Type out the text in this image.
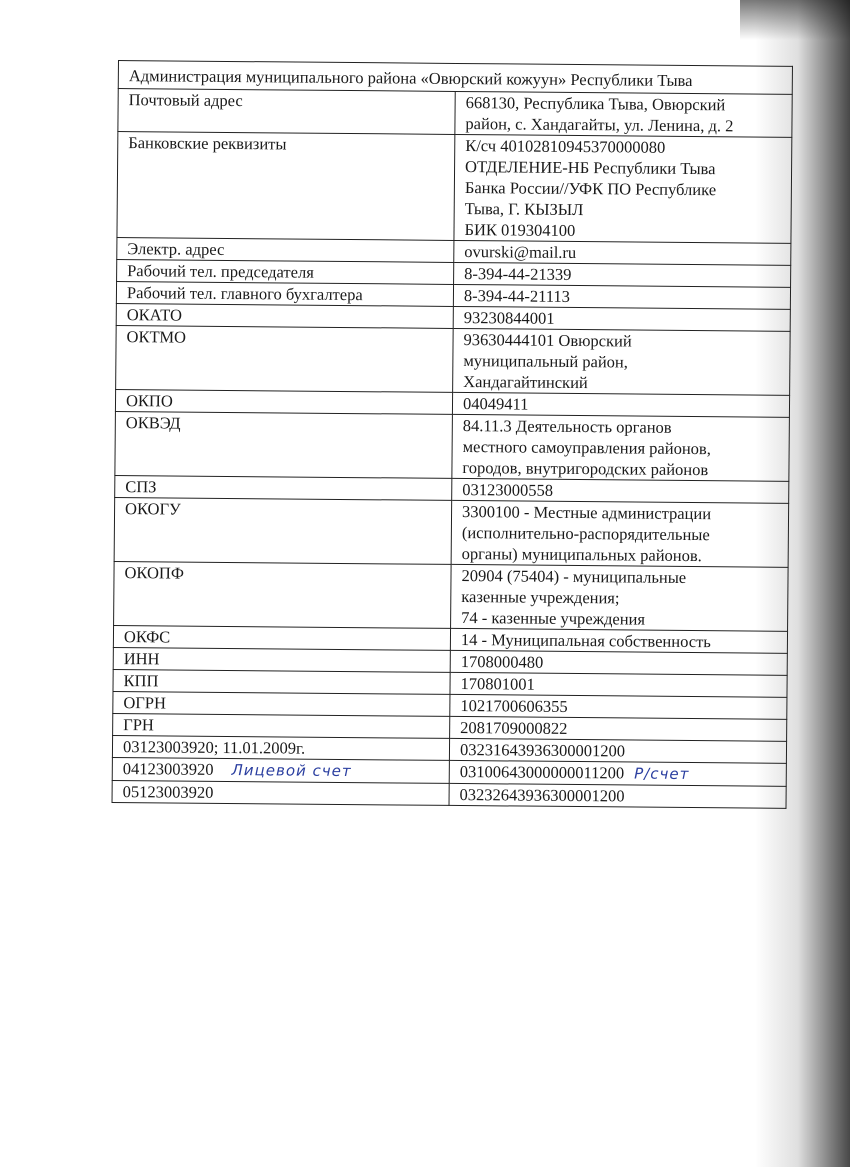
Администрация муниципального района «Овюрский кожуун» Республики Тыва	
Почтовый адрес	668130, Республика Тыва, Овюрский
район, с. Хандагайты, ул. Ленина, д. 2

Банковские реквизиты	К/сч 40102810945370000080
ОТДЕЛЕНИЕ-НБ Республики Тыва
Банка России//УФК ПО Республике
Тыва, Г. КЫЗЫЛ
БИК 019304100

Электр. адрес	ovurski@mail.ru

Рабочий тел. председателя	8-394-44-21339

Рабочий тел. главного бухгалтера	8-394-44-21113

ОКАТО	93230844001

ОКТМО	93630444101 Овюрский
муниципальный район,
Хандагайтинский

ОКПО	04049411

ОКВЭД	84.11.3 Деятельность органов
местного самоуправления районов,
городов, внутригородских районов

СПЗ	03123000558

ОКОГУ	3300100 - Местные администрации
(исполнительно-распорядительные
органы) муниципальных районов.

ОКОПФ	20904 (75404) - муниципальные
казенные учреждения;
74 - казенные учреждения

ОКФС	14 - Муниципальная собственность

ИНН	1708000480

КПП	170801001

ОГРН	1021700606355

ГРН	2081709000822

03123003920; 11.01.2009г.	03231643936300001200

04123003920 Лицевой счет	03100643000000011200 Р/счет

05123003920	03232643936300001200
